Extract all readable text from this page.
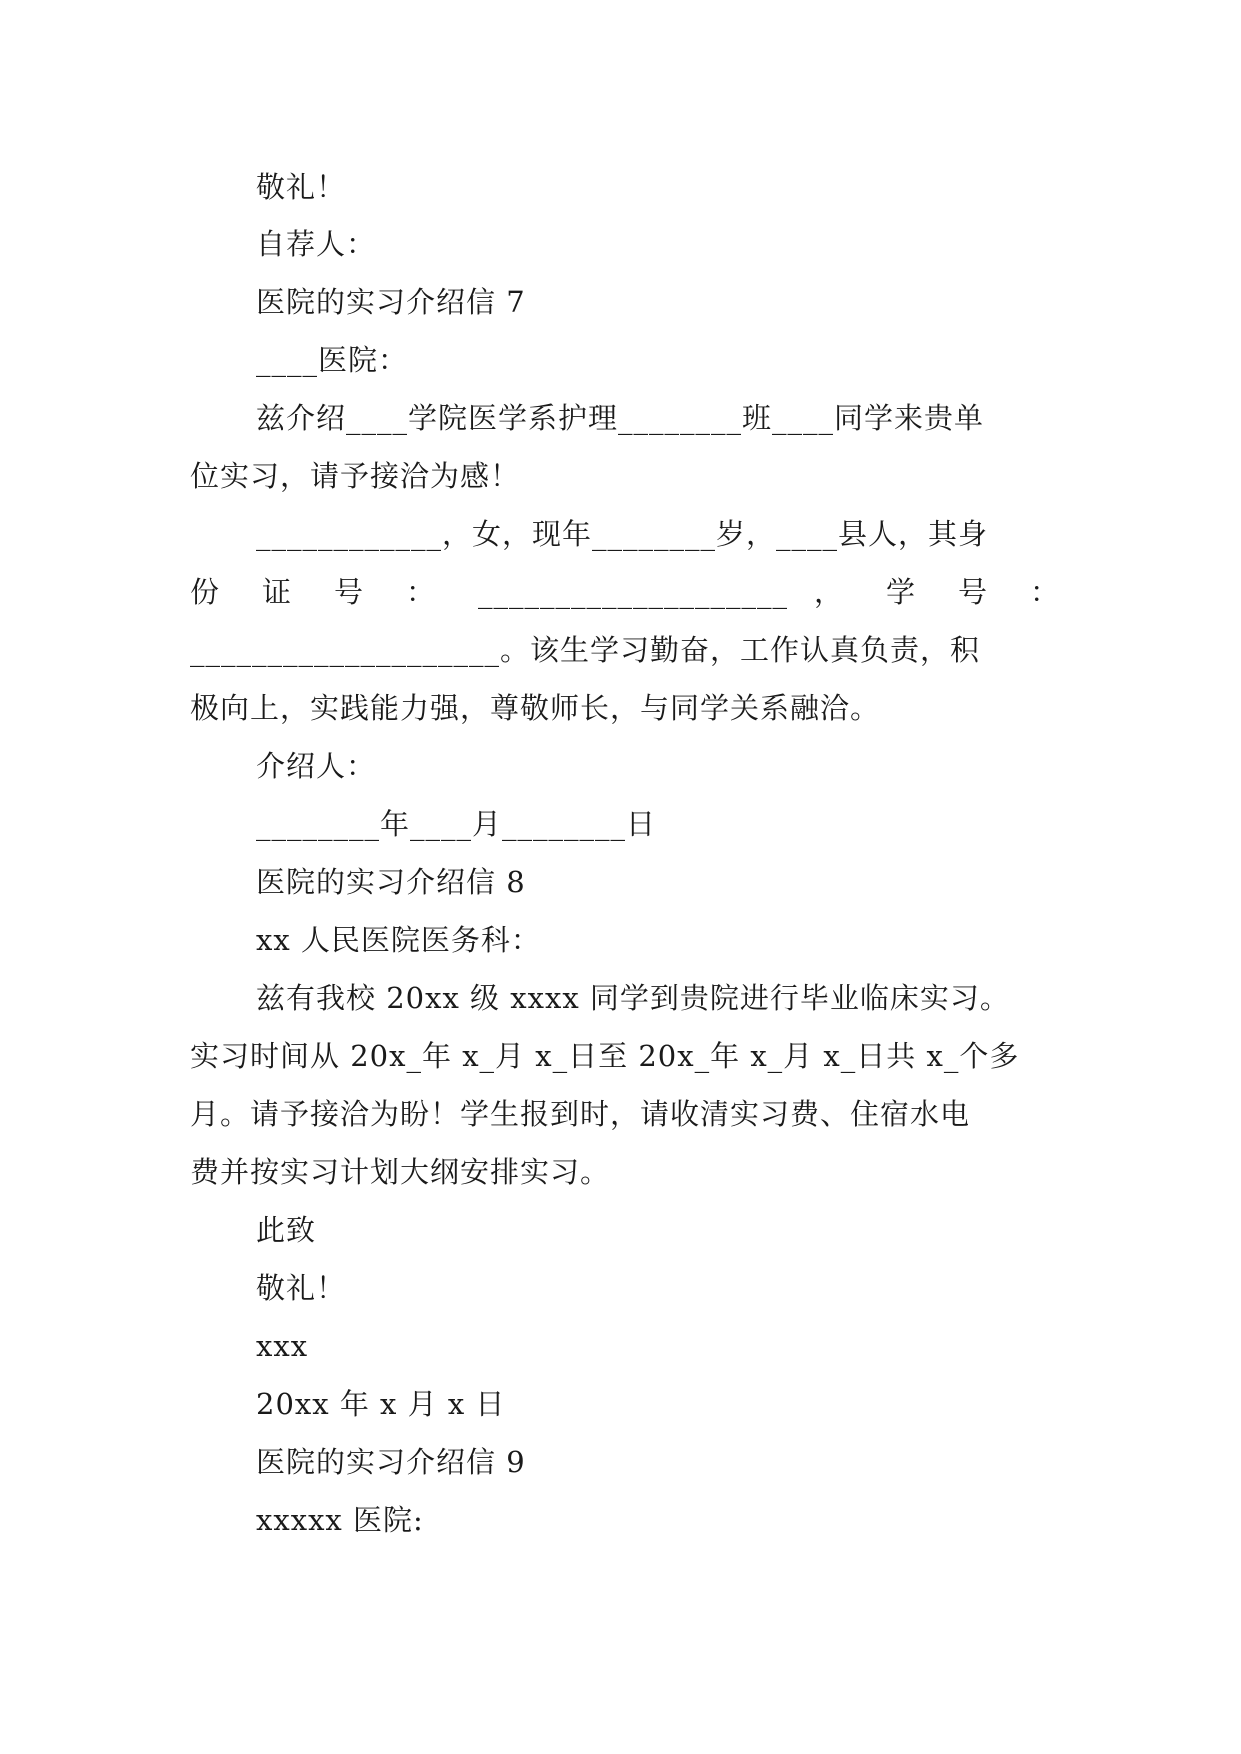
敬礼！
自荐人：
医院的实习介绍信 7
____医院：
兹介绍____学院医学系护理________班____同学来贵单
位实习，请予接洽为感！
____________，女，现年________岁，____县人，其身
份 证 号 ： ____________________ ， 学 号 ：
____________________。该生学习勤奋，工作认真负责，积
极向上，实践能力强，尊敬师长，与同学关系融洽。
介绍人：
________年____月________日
医院的实习介绍信 8
xx 人民医院医务科：
兹有我校 20xx 级 xxxx 同学到贵院进行毕业临床实习。
实习时间从 20x_年 x_月 x_日至 20x_年 x_月 x_日共 x_个多
月。请予接洽为盼！学生报到时，请收清实习费、住宿水电
费并按实习计划大纲安排实习。
此致
敬礼！
xxx
20xx 年 x 月 x 日
医院的实习介绍信 9
xxxxx 医院:
